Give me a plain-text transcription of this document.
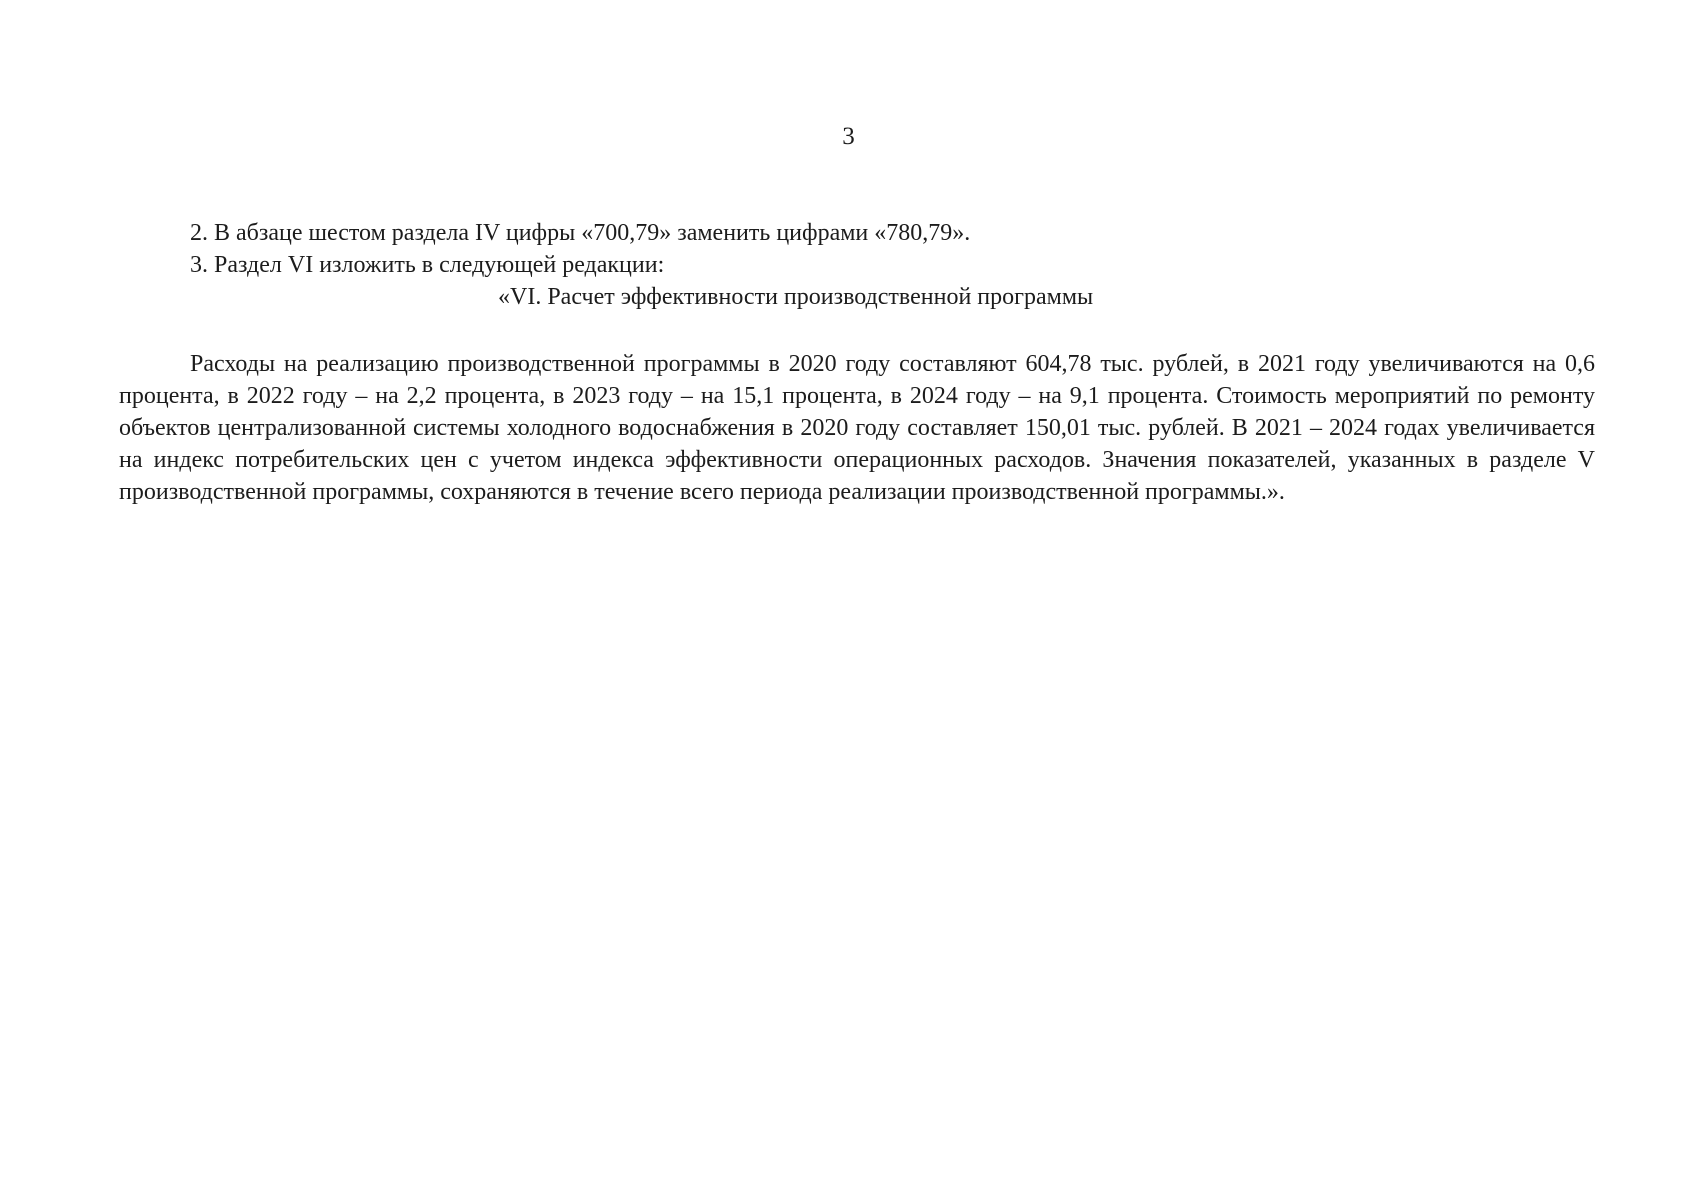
3
2. В абзаце шестом раздела IV цифры «700,79» заменить цифрами «780,79».
3. Раздел VI изложить в следующей редакции:
«VI. Расчет эффективности производственной программы

Расходы на реализацию производственной программы в 2020 году составляют 604,78 тыс. рублей, в 2021 году увеличиваются на 0,6 процента, в 2022 году – на 2,2 процента, в 2023 году – на 15,1 процента, в 2024 году – на 9,1 процента. Стоимость мероприятий по ремонту объектов централизованной системы холодного водоснабжения в 2020 году составляет 150,01 тыс. рублей. В 2021 – 2024 годах увеличивается на индекс потребительских цен с учетом индекса эффективности операционных расходов. Значения показателей, указанных в разделе V производственной программы, сохраняются в течение всего периода реализации производственной программы.».
